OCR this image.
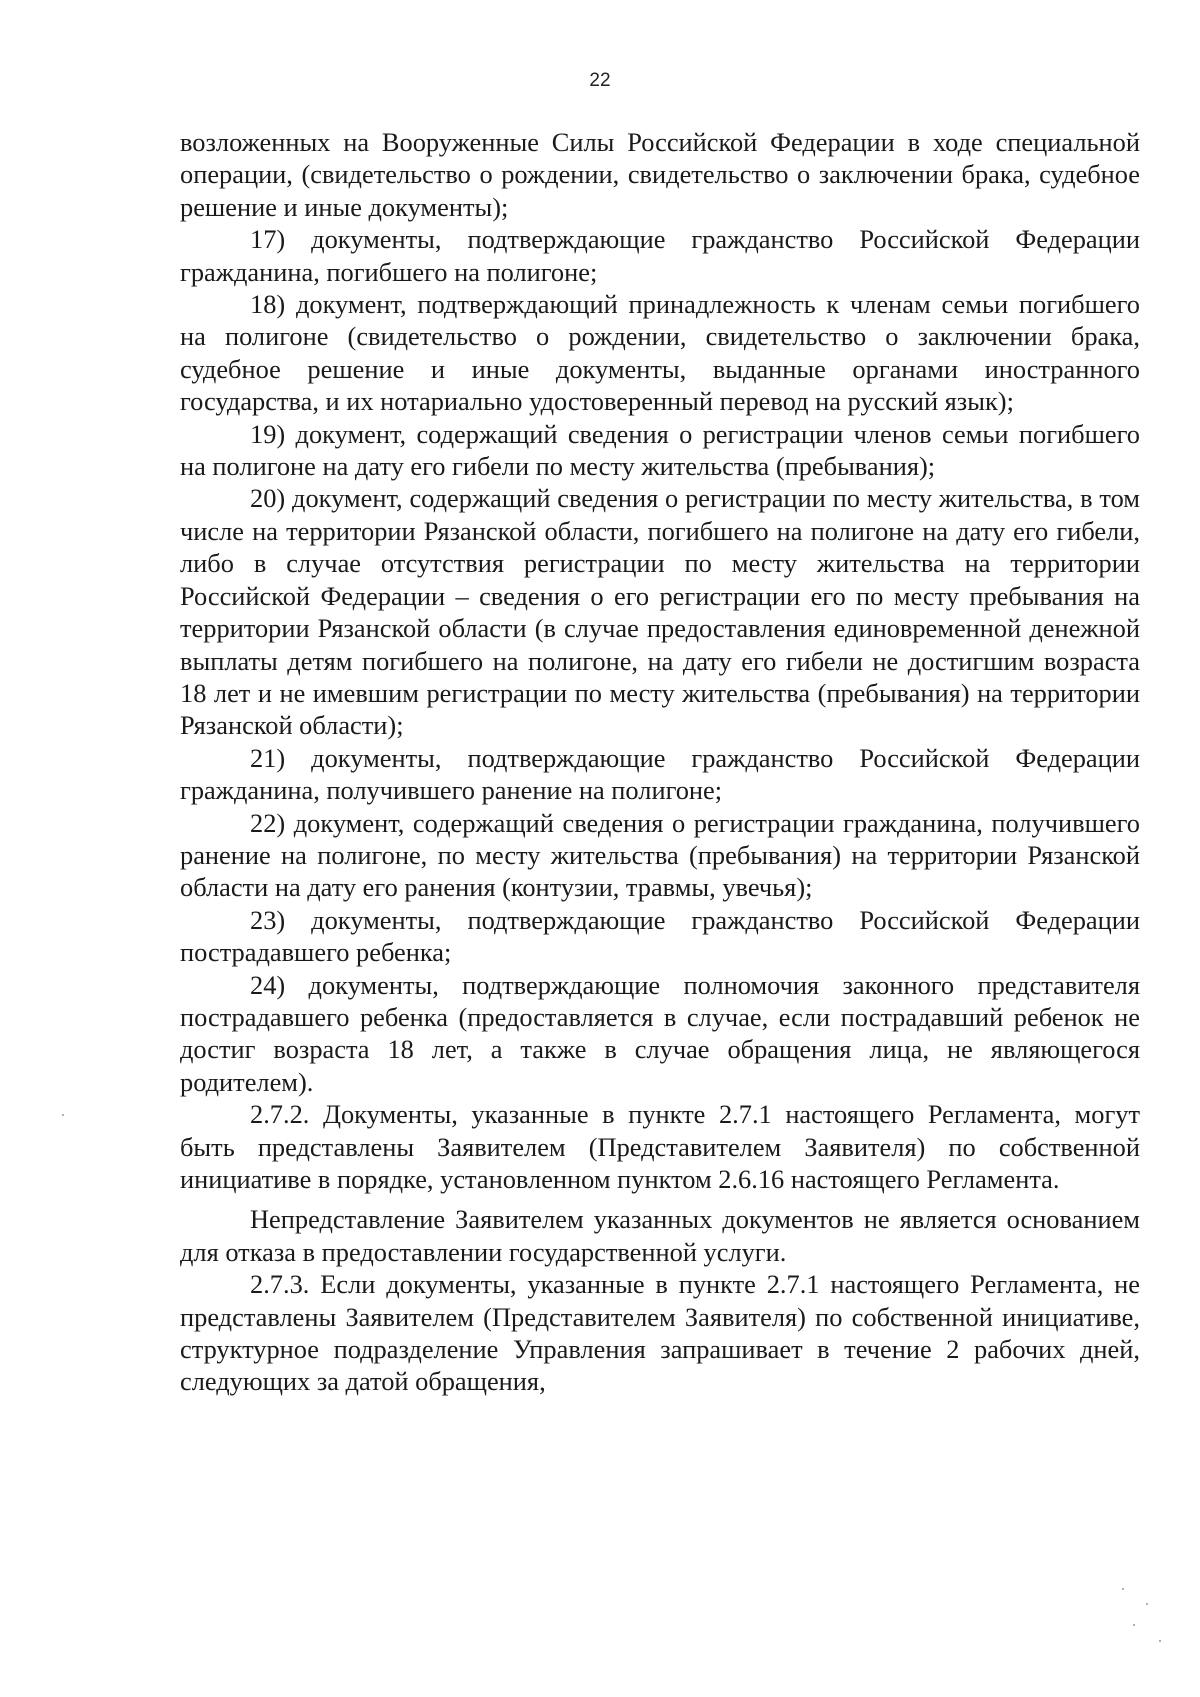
22

возложенных на Вооруженные Силы Российской Федерации в ходе специальной операции, (свидетельство о рождении, свидетельство о заключении брака, судебное решение и иные документы);

17) документы, подтверждающие гражданство Российской Федерации гражданина, погибшего на полигоне;

18) документ, подтверждающий принадлежность к членам семьи погибшего на полигоне (свидетельство о рождении, свидетельство о заключении брака, судебное решение и иные документы, выданные органами иностранного государства, и их нотариально удостоверенный перевод на русский язык);

19) документ, содержащий сведения о регистрации членов семьи погибшего на полигоне на дату его гибели по месту жительства (пребывания);

20) документ, содержащий сведения о регистрации по месту жительства, в том числе на территории Рязанской области, погибшего на полигоне на дату его гибели, либо в случае отсутствия регистрации по месту жительства на территории Российской Федерации – сведения о его регистрации его по месту пребывания на территории Рязанской области (в случае предоставления единовременной денежной выплаты детям погибшего на полигоне, на дату его гибели не достигшим возраста 18 лет и не имевшим регистрации по месту жительства (пребывания) на территории Рязанской области);

21) документы, подтверждающие гражданство Российской Федерации гражданина, получившего ранение на полигоне;

22) документ, содержащий сведения о регистрации гражданина, получившего ранение на полигоне, по месту жительства (пребывания) на территории Рязанской области на дату его ранения (контузии, травмы, увечья);

23) документы, подтверждающие гражданство Российской Федерации пострадавшего ребенка;

24) документы, подтверждающие полномочия законного представителя пострадавшего ребенка (предоставляется в случае, если пострадавший ребенок не достиг возраста 18 лет, а также в случае обращения лица, не являющегося родителем).

2.7.2. Документы, указанные в пункте 2.7.1 настоящего Регламента, могут быть представлены Заявителем (Представителем Заявителя) по собственной инициативе в порядке, установленном пунктом 2.6.16 настоящего Регламента.

Непредставление Заявителем указанных документов не является основанием для отказа в предоставлении государственной услуги.

2.7.3. Если документы, указанные в пункте 2.7.1 настоящего Регламента, не представлены Заявителем (Представителем Заявителя) по собственной инициативе, структурное подразделение Управления запрашивает в течение 2 рабочих дней, следующих за датой обращения,
